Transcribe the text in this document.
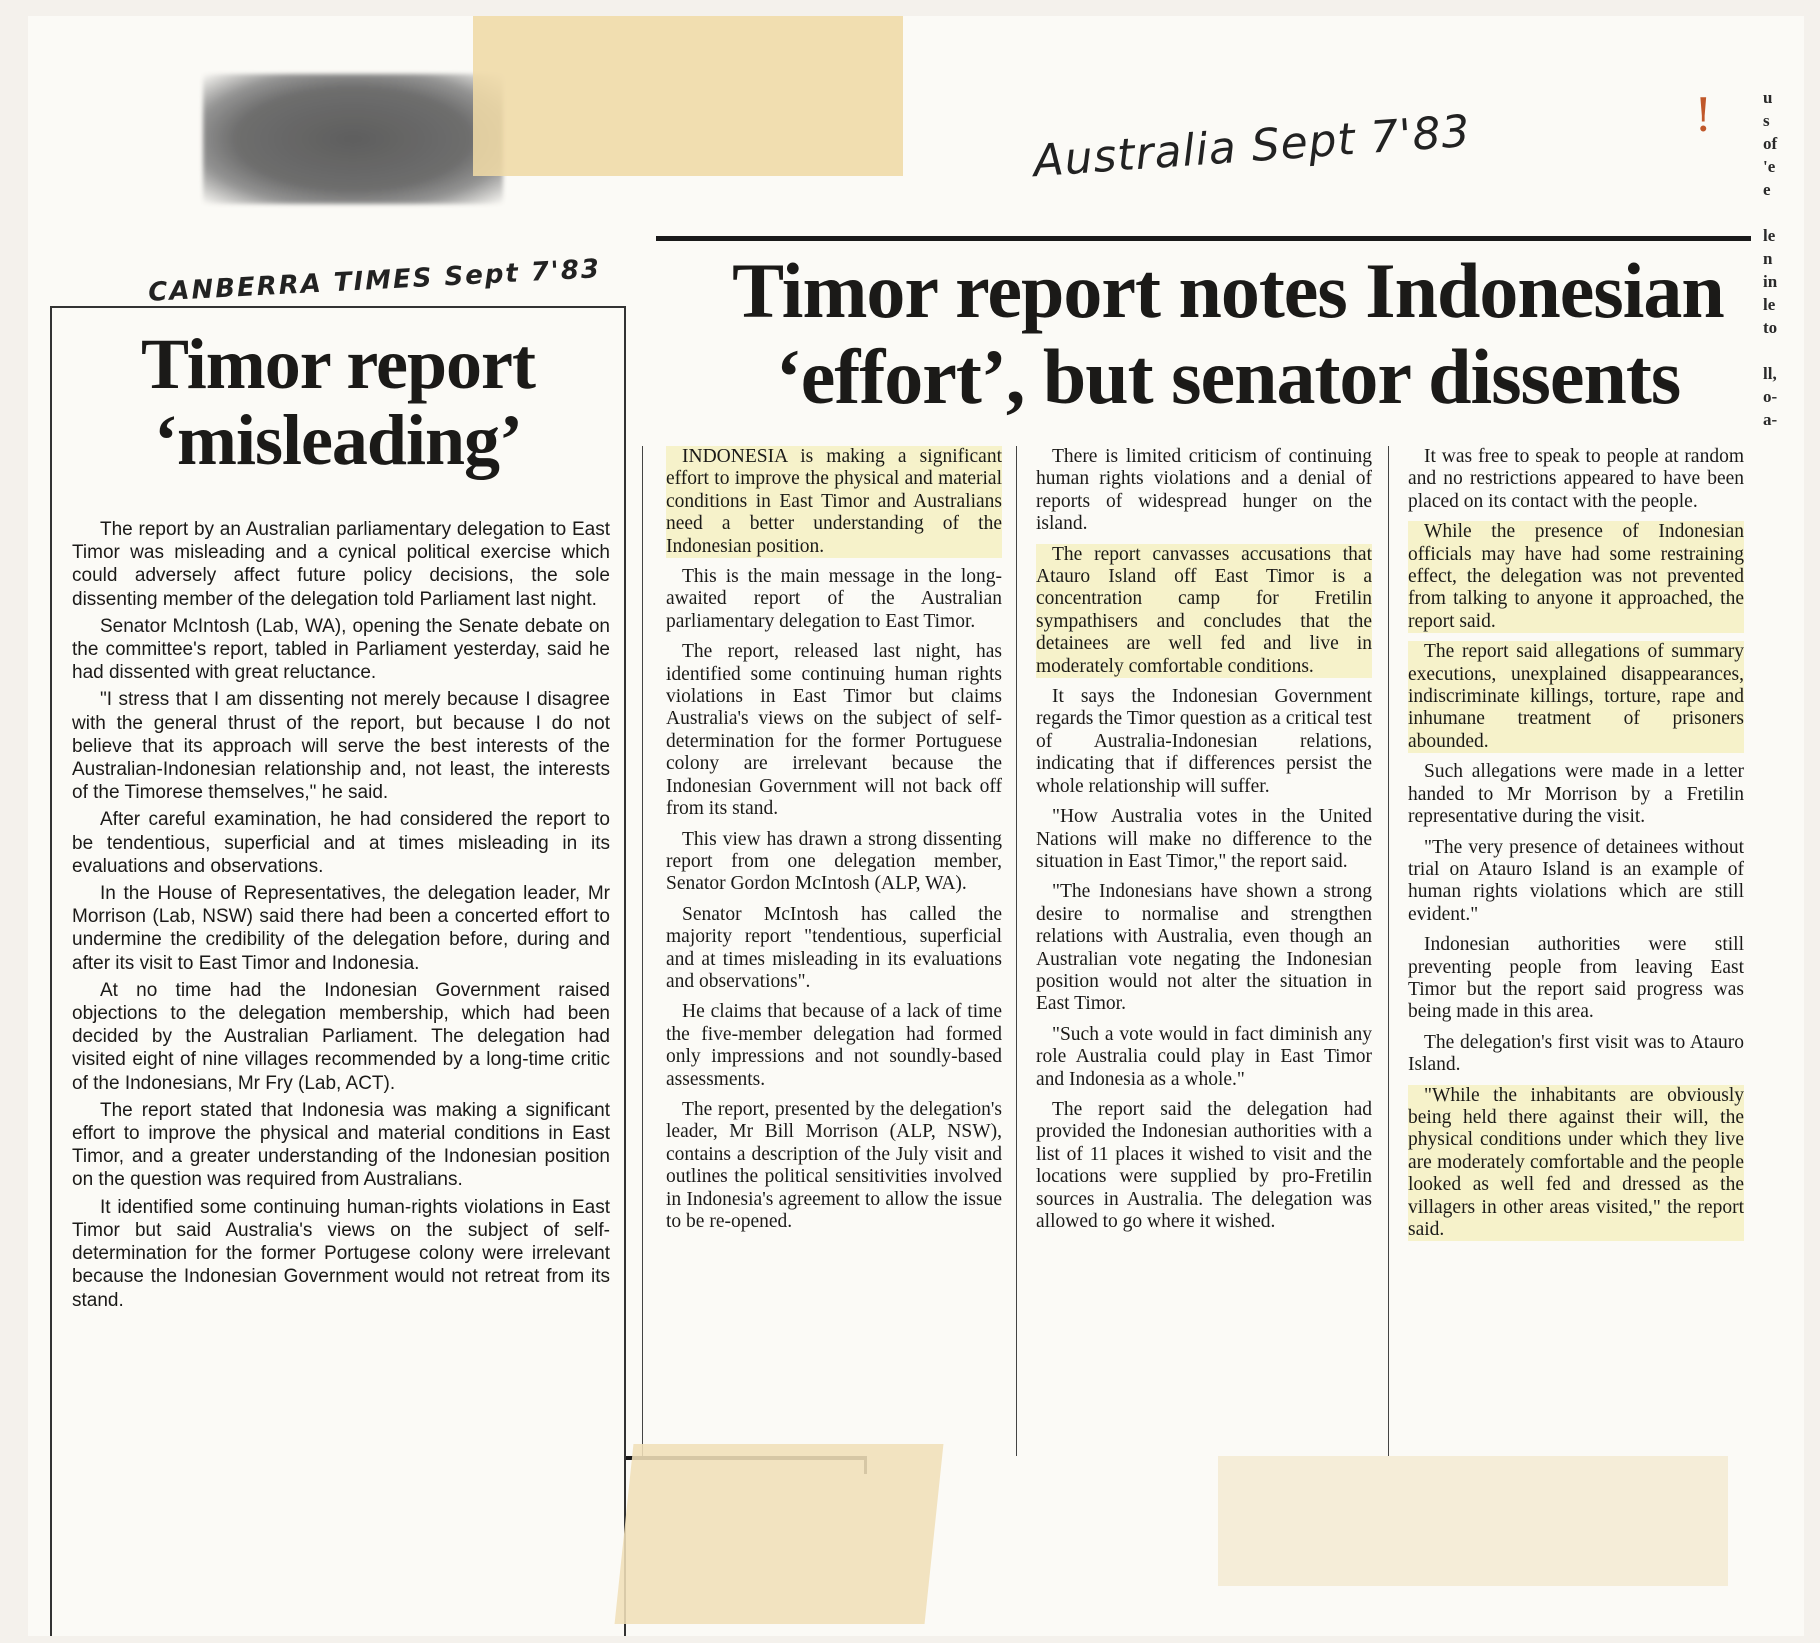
Australia Sept 7'83	!
CANBERRA TIMES Sept 7'83
u
s
of
'e
e
le
n
in
le
to
ll,
o-
a-
Timor report ‘misleading’

The report by an Australian parliamentary delegation to East Timor was misleading and a cynical political exercise which could adversely affect future policy decisions, the sole dissenting member of the delegation told Parliament last night.

Senator McIntosh (Lab, WA), opening the Senate debate on the committee's report, tabled in Parliament yesterday, said he had dissented with great reluctance.

"I stress that I am dissenting not merely because I disagree with the general thrust of the report, but because I do not believe that its approach will serve the best interests of the Australian-Indonesian relationship and, not least, the interests of the Timorese themselves," he said.

After careful examination, he had considered the report to be tendentious, superficial and at times misleading in its evaluations and observations.

In the House of Representatives, the delegation leader, Mr Morrison (Lab, NSW) said there had been a concerted effort to undermine the credibility of the delegation before, during and after its visit to East Timor and Indonesia.

At no time had the Indonesian Government raised objections to the delegation membership, which had been decided by the Australian Parliament. The delegation had visited eight of nine villages recommended by a long-time critic of the Indonesians, Mr Fry (Lab, ACT).

The report stated that Indonesia was making a significant effort to improve the physical and material conditions in East Timor, and a greater understanding of the Indonesian position on the question was required from Australians.

It identified some continuing human-rights violations in East Timor but said Australia's views on the subject of self-determination for the former Portugese colony were irrelevant because the Indonesian Government would not retreat from its stand.

Timor report notes Indonesian ‘effort’, but senator dissents

INDONESIA is making a significant effort to improve the physical and material conditions in East Timor and Australians need a better understanding of the Indonesian position.

This is the main message in the long-awaited report of the Australian parliamentary delegation to East Timor.

The report, released last night, has identified some continuing human rights violations in East Timor but claims Australia's views on the subject of self-determination for the former Portuguese colony are irrelevant because the Indonesian Government will not back off from its stand.

This view has drawn a strong dissenting report from one delegation member, Senator Gordon McIntosh (ALP, WA).

Senator McIntosh has called the majority report "tendentious, superficial and at times misleading in its evaluations and observations".

He claims that because of a lack of time the five-member delegation had formed only impressions and not soundly-based assessments.

The report, presented by the delegation's leader, Mr Bill Morrison (ALP, NSW), contains a description of the July visit and outlines the political sensitivities involved in Indonesia's agreement to allow the issue to be re-opened.

There is limited criticism of continuing human rights violations and a denial of reports of widespread hunger on the island.

The report canvasses accusations that Atauro Island off East Timor is a concentration camp for Fretilin sympathisers and concludes that the detainees are well fed and live in moderately comfortable conditions.

It says the Indonesian Government regards the Timor question as a critical test of Australia-Indonesian relations, indicating that if differences persist the whole relationship will suffer.

"How Australia votes in the United Nations will make no difference to the situation in East Timor," the report said.

"The Indonesians have shown a strong desire to normalise and strengthen relations with Australia, even though an Australian vote negating the Indonesian position would not alter the situation in East Timor.

"Such a vote would in fact diminish any role Australia could play in East Timor and Indonesia as a whole."

The report said the delegation had provided the Indonesian authorities with a list of 11 places it wished to visit and the locations were supplied by pro-Fretilin sources in Australia. The delegation was allowed to go where it wished.

It was free to speak to people at random and no restrictions appeared to have been placed on its contact with the people.

While the presence of Indonesian officials may have had some restraining effect, the delegation was not prevented from talking to anyone it approached, the report said.

The report said allegations of summary executions, unexplained disappearances, indiscriminate killings, torture, rape and inhumane treatment of prisoners abounded.

Such allegations were made in a letter handed to Mr Morrison by a Fretilin representative during the visit.

"The very presence of detainees without trial on Atauro Island is an example of human rights violations which are still evident."

Indonesian authorities were still preventing people from leaving East Timor but the report said progress was being made in this area.

The delegation's first visit was to Atauro Island.

"While the inhabitants are obviously being held there against their will, the physical conditions under which they live are moderately comfortable and the people looked as well fed and dressed as the villagers in other areas visited," the report said.
